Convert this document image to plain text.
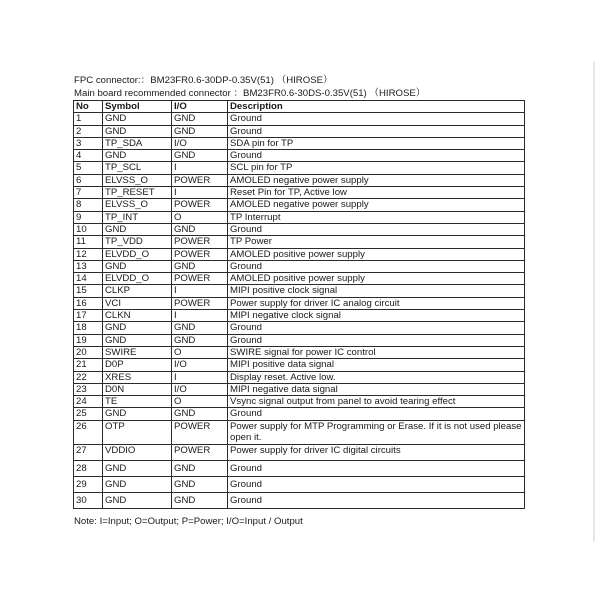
FPC connector:：BM23FR0.6-30DP-0.35V(51) （HIROSE）
Main board recommended connector ：BM23FR0.6-30DS-0.35V(51) （HIROSE）
No	Symbol	I/O	Description
1	GND	GND	Ground
2	GND	GND	Ground
3	TP_SDA	I/O	SDA pin for TP
4	GND	GND	Ground
5	TP_SCL	I	SCL pin for TP
6	ELVSS_O	POWER	AMOLED negative power supply
7	TP_RESET	I	Reset Pin for TP, Active low
8	ELVSS_O	POWER	AMOLED negative power supply
9	TP_INT	O	TP Interrupt
10	GND	GND	Ground
11	TP_VDD	POWER	TP Power
12	ELVDD_O	POWER	AMOLED positive power supply
13	GND	GND	Ground
14	ELVDD_O	POWER	AMOLED positive power supply
15	CLKP	I	MIPI positive clock signal
16	VCI	POWER	Power supply for driver IC analog circuit
17	CLKN	I	MIPI negative clock signal
18	GND	GND	Ground
19	GND	GND	Ground
20	SWIRE	O	SWIRE signal for power IC control
21	D0P	I/O	MIPI positive data signal
22	XRES	I	Display reset. Active low.
23	D0N	I/O	MIPI negative data signal
24	TE	O	Vsync signal output from panel to avoid tearing effect
25	GND	GND	Ground
26	OTP	POWER	Power supply for MTP Programming or Erase. If it is not used please open it.
27	VDDIO	POWER	Power supply for driver IC digital circuits
28	GND	GND	Ground
29	GND	GND	Ground
30	GND	GND	Ground
Note: I=Input; O=Output; P=Power; I/O=Input / Output
